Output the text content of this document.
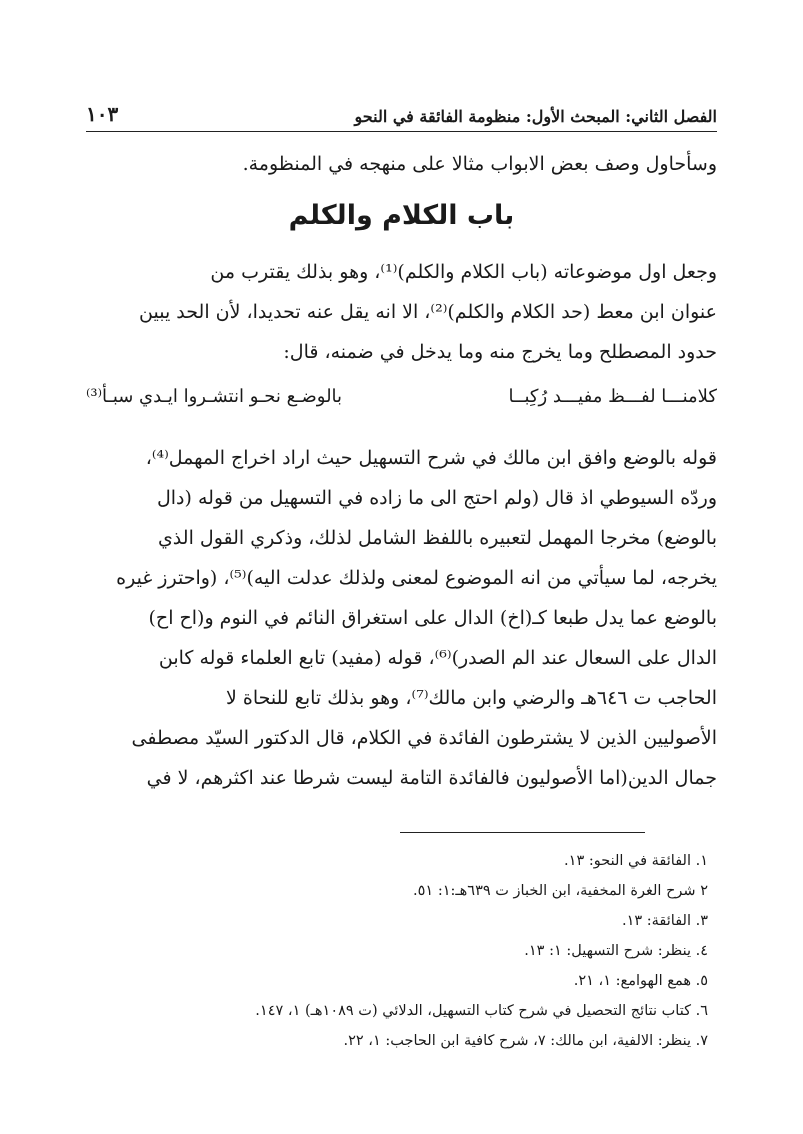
الفصل الثاني: المبحث الأول: منظومة الفائقة في النحو
١٠٣
وسأحاول وصف بعض الابواب مثالا على منهجه في المنظومة.
باب الكلام والكلم
وجعل اول موضوعاته (باب الكلام والكلم)⁽¹⁾، وهو بذلك يقترب من
عنوان ابن معط (حد الكلام والكلم)⁽²⁾، الا انه يقل عنه تحديدا، لأن الحد يبين
حدود المصطلح وما يخرج منه وما يدخل في ضمنه، قال:
كلامنـــا لفـــظ مفيـــد رُكِبــا
بالوضـع نحـو انتشـروا ايـدي سبـأ⁽³⁾
قوله بالوضع وافق ابن مالك في شرح التسهيل حيث اراد اخراج المهمل⁽⁴⁾،
وردّه السيوطي اذ قال (ولم احتج الى ما زاده في التسهيل من قوله (دال
بالوضع) مخرجا المهمل لتعبيره باللفظ الشامل لذلك، وذكري القول الذي
يخرجه، لما سيأتي من انه الموضوع لمعنى ولذلك عدلت اليه)⁽⁵⁾، (واحترز غيره
بالوضع عما يدل طبعا كـ(اخ) الدال على استغراق النائم في النوم و(اح اح)
الدال على السعال عند الم الصدر)⁽⁶⁾، قوله (مفيد) تابع العلماء قوله كابن
الحاجب ت ٦٤٦هـ والرضي وابن مالك⁽⁷⁾، وهو بذلك تابع للنحاة لا
الأصوليين الذين لا يشترطون الفائدة في الكلام، قال الدكتور السيّد مصطفى
جمال الدين(اما الأصوليون فالفائدة التامة ليست شرطا عند اكثرهم، لا في
١. الفائقة في النحو: ١٣.
٢ شرح الغرة المخفية، ابن الخباز ت ٦٣٩هـ:١: ٥١.
٣. الفائقة: ١٣.
٤. ينظر: شرح التسهيل: ١: ١٣.
٥. همع الهوامع: ١، ٢١.
٦. كتاب نتائج التحصيل في شرح كتاب التسهيل، الدلائي (ت ١٠٨٩هـ) ١، ١٤٧.
٧. ينظر: الالفية، ابن مالك: ٧، شرح كافية ابن الحاجب: ١، ٢٢.
